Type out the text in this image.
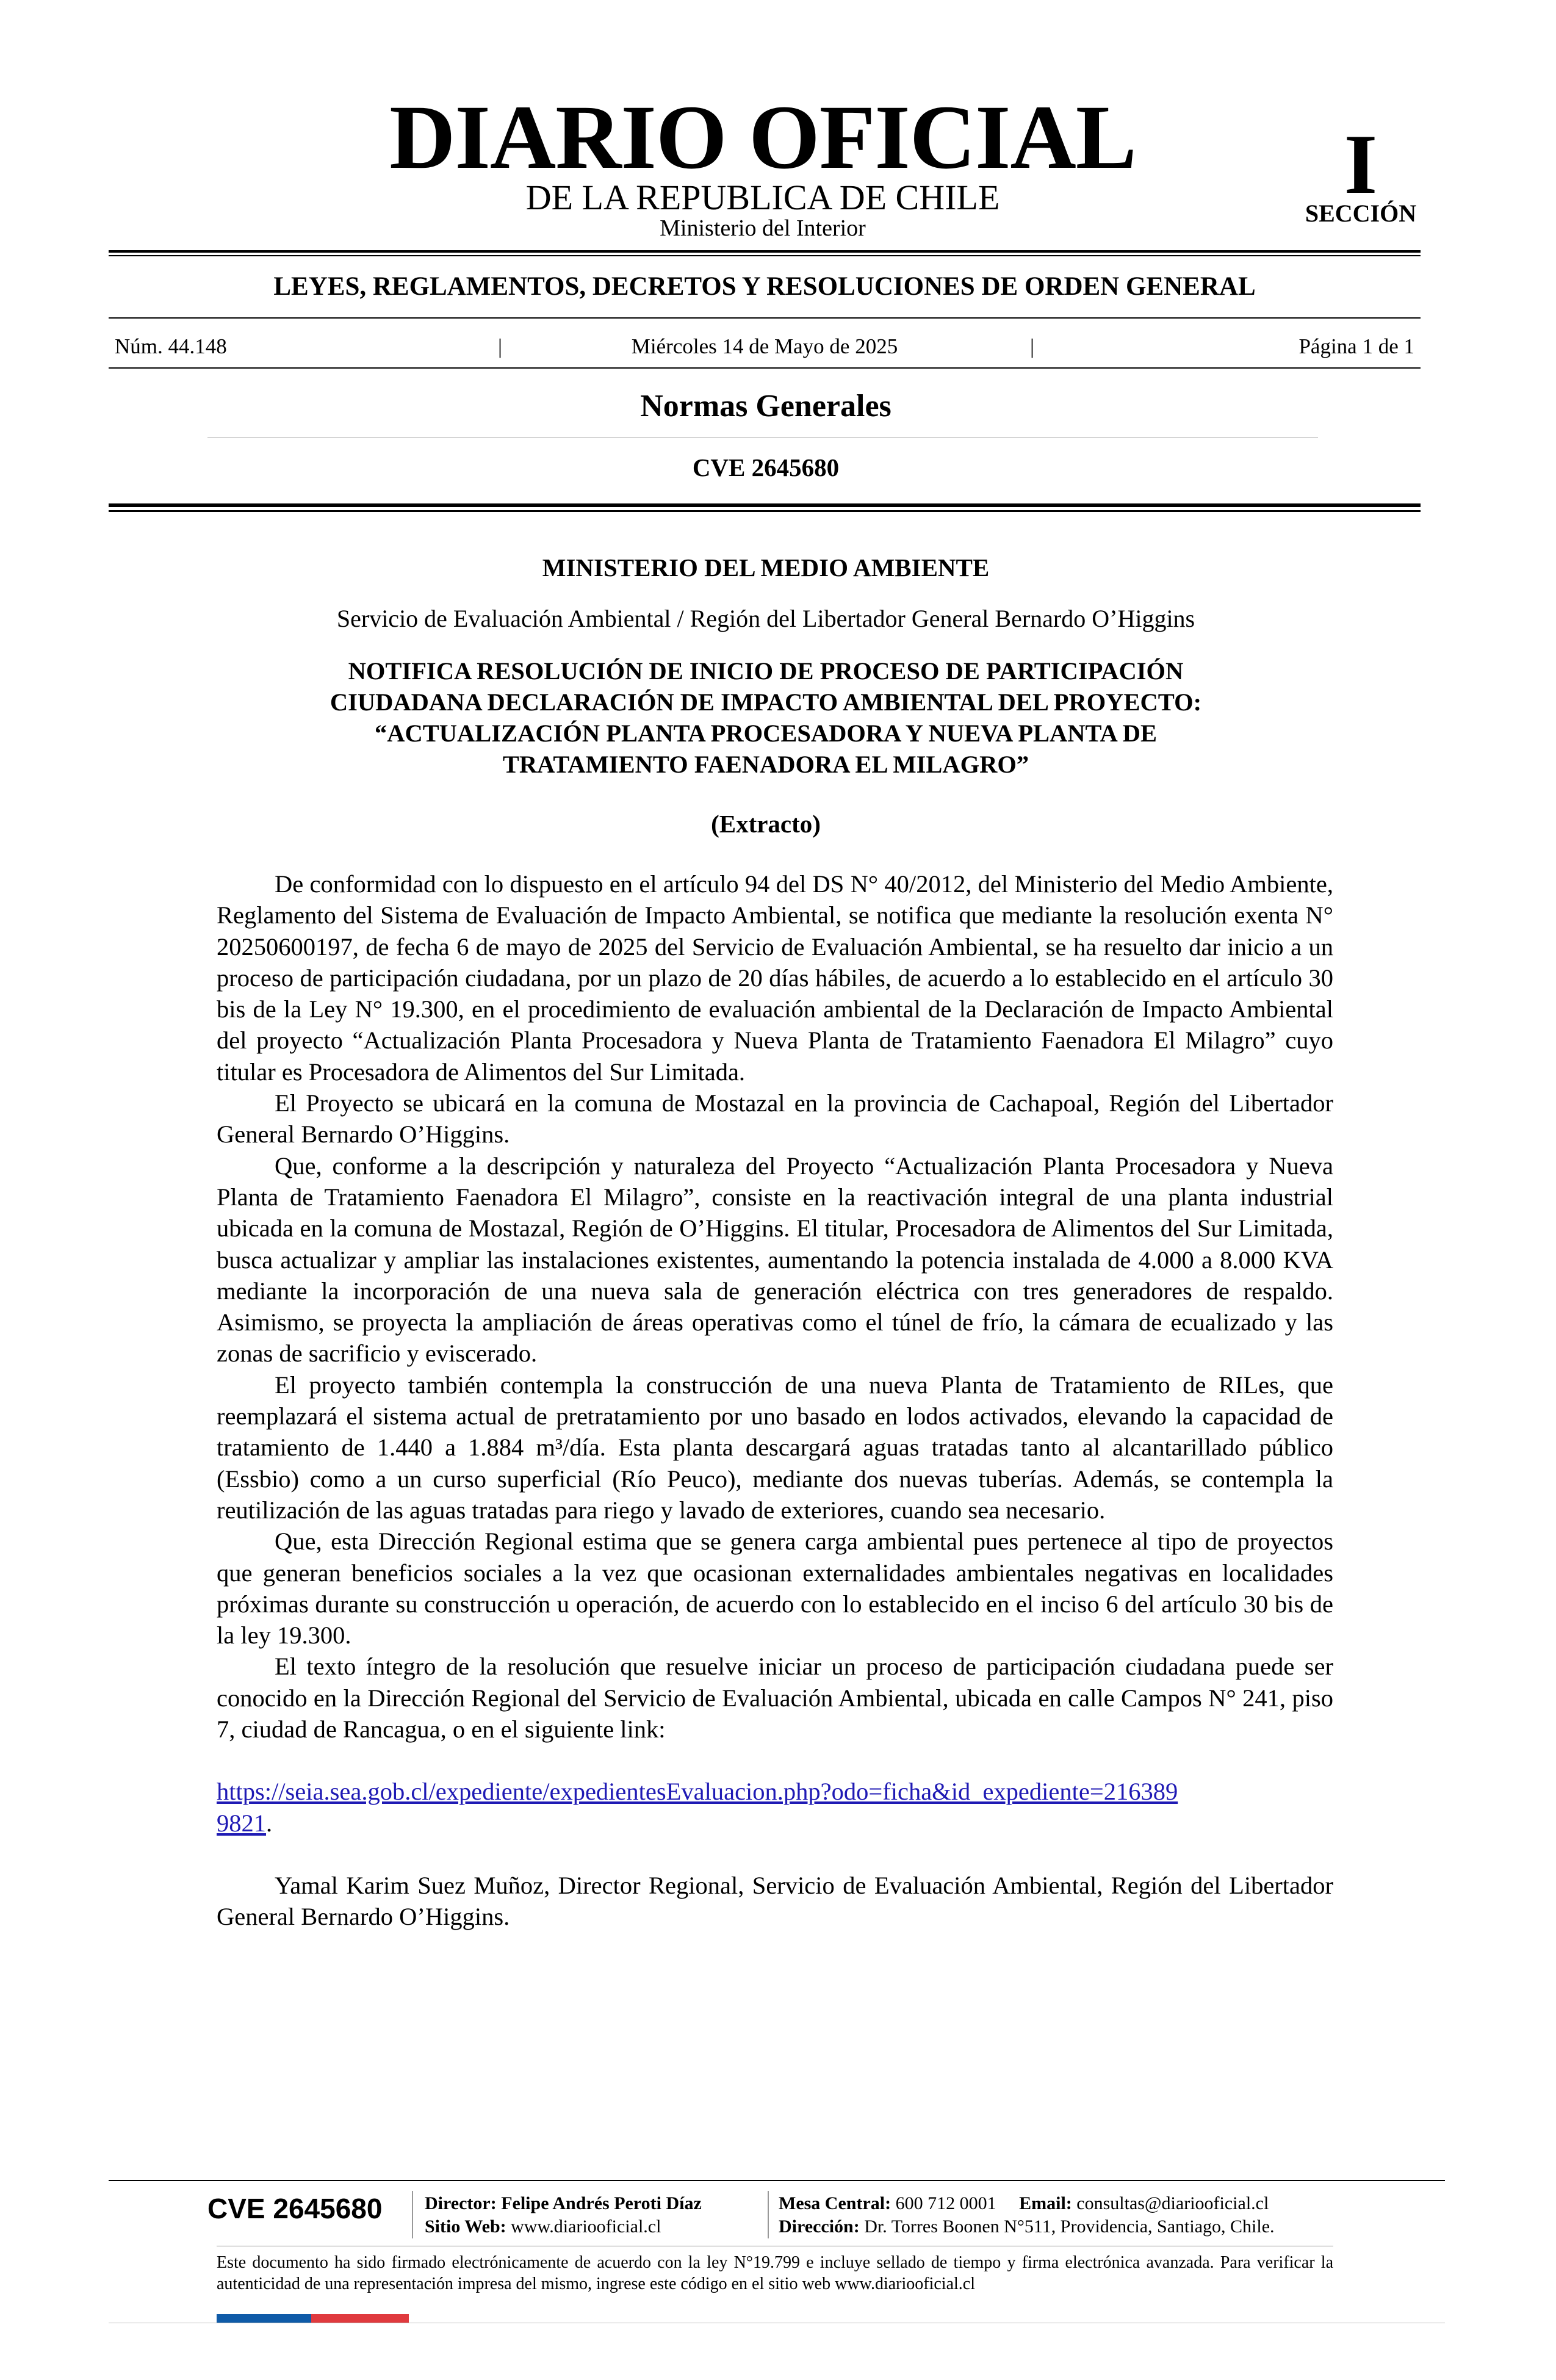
DIARIO OFICIAL
DE LA REPUBLICA DE CHILE
Ministerio del Interior
I
SECCIÓN
LEYES, REGLAMENTOS, DECRETOS Y RESOLUCIONES DE ORDEN GENERAL
Miércoles 14 de Mayo de 2025
Núm. 44.148	|	|	Página 1 de 1
Normas Generales
CVE 2645680
MINISTERIO DEL MEDIO AMBIENTE
Servicio de Evaluación Ambiental / Región del Libertador General Bernardo O’Higgins
NOTIFICA RESOLUCIÓN DE INICIO DE PROCESO DE PARTICIPACIÓN
CIUDADANA DECLARACIÓN DE IMPACTO AMBIENTAL DEL PROYECTO:
“ACTUALIZACIÓN PLANTA PROCESADORA Y NUEVA PLANTA DE
TRATAMIENTO FAENADORA EL MILAGRO”
(Extracto)

De conformidad con lo dispuesto en el artículo 94 del DS N° 40/2012, del Ministerio del Medio Ambiente, Reglamento del Sistema de Evaluación de Impacto Ambiental, se notifica que mediante la resolución exenta N° 20250600197, de fecha 6 de mayo de 2025 del Servicio de Evaluación Ambiental, se ha resuelto dar inicio a un proceso de participación ciudadana, por un plazo de 20 días hábiles, de acuerdo a lo establecido en el artículo 30 bis de la Ley N° 19.300, en el procedimiento de evaluación ambiental de la Declaración de Impacto Ambiental del proyecto “Actualización Planta Procesadora y Nueva Planta de Tratamiento Faenadora El Milagro” cuyo titular es Procesadora de Alimentos del Sur Limitada.

El Proyecto se ubicará en la comuna de Mostazal en la provincia de Cachapoal, Región del Libertador General Bernardo O’Higgins.

Que, conforme a la descripción y naturaleza del Proyecto “Actualización Planta Procesadora y Nueva Planta de Tratamiento Faenadora El Milagro”, consiste en la reactivación integral de una planta industrial ubicada en la comuna de Mostazal, Región de O’Higgins. El titular, Procesadora de Alimentos del Sur Limitada, busca actualizar y ampliar las instalaciones existentes, aumentando la potencia instalada de 4.000 a 8.000 KVA mediante la incorporación de una nueva sala de generación eléctrica con tres generadores de respaldo. Asimismo, se proyecta la ampliación de áreas operativas como el túnel de frío, la cámara de ecualizado y las zonas de sacrificio y eviscerado.

El proyecto también contempla la construcción de una nueva Planta de Tratamiento de RILes, que reemplazará el sistema actual de pretratamiento por uno basado en lodos activados, elevando la capacidad de tratamiento de 1.440 a 1.884 m³/día. Esta planta descargará aguas tratadas tanto al alcantarillado público (Essbio) como a un curso superficial (Río Peuco), mediante dos nuevas tuberías. Además, se contempla la reutilización de las aguas tratadas para riego y lavado de exteriores, cuando sea necesario.

Que, esta Dirección Regional estima que se genera carga ambiental pues pertenece al tipo de proyectos que generan beneficios sociales a la vez que ocasionan externalidades ambientales negativas en localidades próximas durante su construcción u operación, de acuerdo con lo establecido en el inciso 6 del artículo 30 bis de la ley 19.300.

El texto íntegro de la resolución que resuelve iniciar un proceso de participación ciudadana puede ser conocido en la Dirección Regional del Servicio de Evaluación Ambiental, ubicada en calle Campos N° 241, piso 7, ciudad de Rancagua, o en el siguiente link:

https://seia.sea.gob.cl/expediente/expedientesEvaluacion.php?odo=ficha&id_expediente=216389
9821.

Yamal Karim Suez Muñoz, Director Regional, Servicio de Evaluación Ambiental, Región del Libertador General Bernardo O’Higgins.

CVE 2645680 Director: Felipe Andrés Peroti Díaz
Sitio Web: www.diariooficial.cl
Mesa Central: 600 712 0001 Email: consultas@diariooficial.cl
Dirección: Dr. Torres Boonen N°511, Providencia, Santiago, Chile.
Este documento ha sido firmado electrónicamente de acuerdo con la ley N°19.799 e incluye sellado de tiempo y firma electrónica avanzada. Para verificar la autenticidad de una representación impresa del mismo, ingrese este código en el sitio web www.diariooficial.cl
